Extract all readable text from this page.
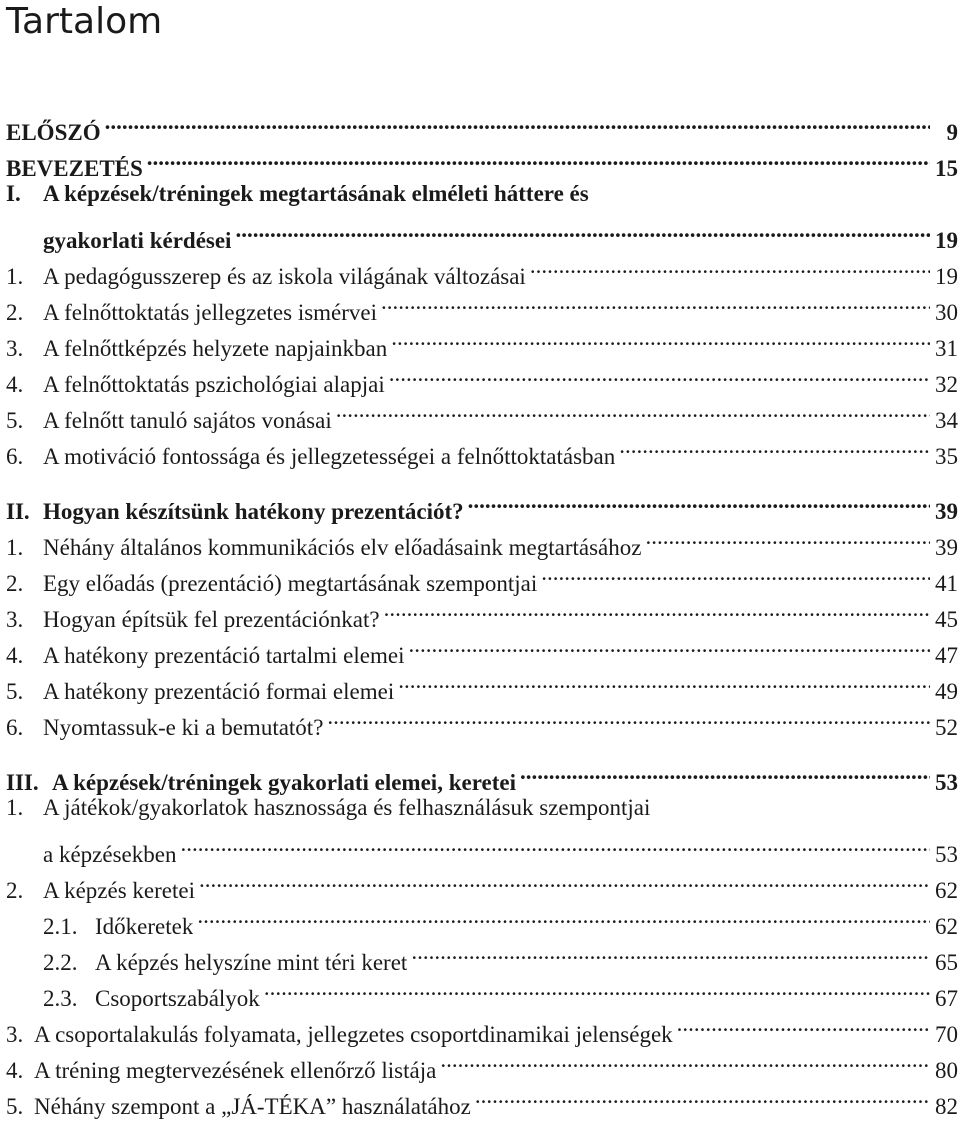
Tartalom
ELŐSZÓ .....	9
BEVEZETÉS .....	15
I. A képzések/tréningek megtartásának elméleti háttere és
gyakorlati kérdései .....	19
1. A pedagógusszerep és az iskola világának változásai .....	19
2. A felnőttoktatás jellegzetes ismérvei .....	30
3. A felnőttképzés helyzete napjainkban .....	31
4. A felnőttoktatás pszichológiai alapjai .....	32
5. A felnőtt tanuló sajátos vonásai .....	34
6. A motiváció fontossága és jellegzetességei a felnőttoktatásban .....	35
II. Hogyan készítsünk hatékony prezentációt? .....	39
1. Néhány általános kommunikációs elv előadásaink megtartásához .....	39
2. Egy előadás (prezentáció) megtartásának szempontjai .....	41
3. Hogyan építsük fel prezentációnkat? .....	45
4. A hatékony prezentáció tartalmi elemei .....	47
5. A hatékony prezentáció formai elemei .....	49
6. Nyomtassuk-e ki a bemutatót? .....	52
III. A képzések/tréningek gyakorlati elemei, keretei .....	53
1. A játékok/gyakorlatok hasznossága és felhasználásuk szempontjai
a képzésekben .....	53
2. A képzés keretei .....	62
2.1. Időkeretek .....	62
2.2. A képzés helyszíne mint téri keret .....	65
2.3. Csoportszabályok .....	67
3. A csoportalakulás folyamata, jellegzetes csoportdinamikai jelenségek .....	70
4. A tréning megtervezésének ellenőrző listája .....	80
5. Néhány szempont a „JÁ-TÉKA” használatához .....	82
